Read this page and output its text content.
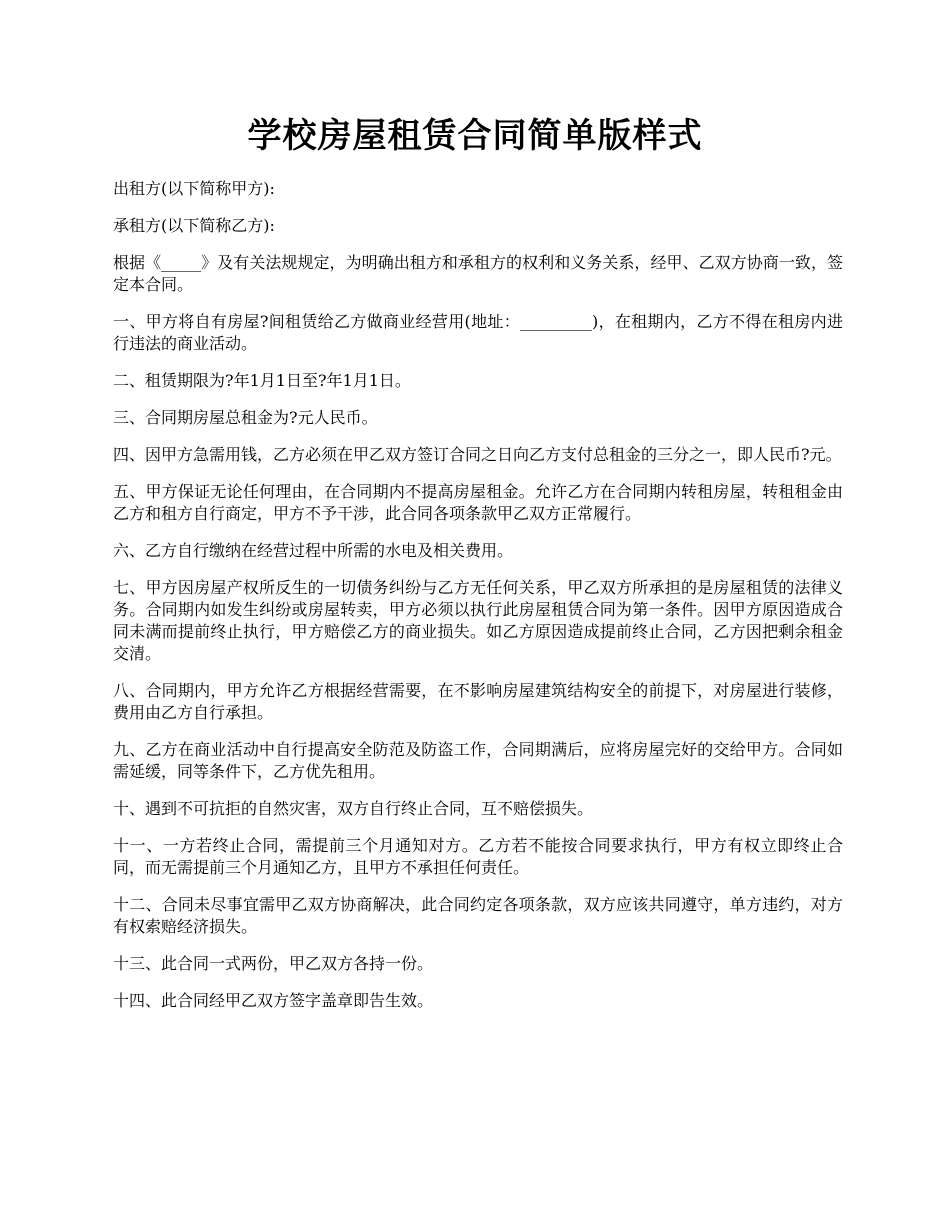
学校房屋租赁合同简单版样式

出租方(以下简称甲方):

承租方(以下简称乙方):

根据《_____》及有关法规规定，为明确出租方和承租方的权利和义务关系，经甲、乙双方协商一致，签定本合同。

一、甲方将自有房屋?间租赁给乙方做商业经营用(地址：_________)，在租期内，乙方不得在租房内进行违法的商业活动。

二、租赁期限为?年1月1日至?年1月1日。

三、合同期房屋总租金为?元人民币。

四、因甲方急需用钱，乙方必须在甲乙双方签订合同之日向乙方支付总租金的三分之一，即人民币?元。

五、甲方保证无论任何理由，在合同期内不提高房屋租金。允许乙方在合同期内转租房屋，转租租金由乙方和租方自行商定，甲方不予干涉，此合同各项条款甲乙双方正常履行。

六、乙方自行缴纳在经营过程中所需的水电及相关费用。

七、甲方因房屋产权所反生的一切债务纠纷与乙方无任何关系，甲乙双方所承担的是房屋租赁的法律义务。合同期内如发生纠纷或房屋转卖，甲方必须以执行此房屋租赁合同为第一条件。因甲方原因造成合同未满而提前终止执行，甲方赔偿乙方的商业损失。如乙方原因造成提前终止合同，乙方因把剩余租金交清。

八、合同期内，甲方允许乙方根据经营需要，在不影响房屋建筑结构安全的前提下，对房屋进行装修，费用由乙方自行承担。

九、乙方在商业活动中自行提高安全防范及防盗工作，合同期满后，应将房屋完好的交给甲方。合同如需延缓，同等条件下，乙方优先租用。

十、遇到不可抗拒的自然灾害，双方自行终止合同，互不赔偿损失。

十一、一方若终止合同，需提前三个月通知对方。乙方若不能按合同要求执行，甲方有权立即终止合同，而无需提前三个月通知乙方，且甲方不承担任何责任。

十二、合同未尽事宜需甲乙双方协商解决，此合同约定各项条款，双方应该共同遵守，单方违约，对方有权索赔经济损失。

十三、此合同一式两份，甲乙双方各持一份。

十四、此合同经甲乙双方签字盖章即告生效。
